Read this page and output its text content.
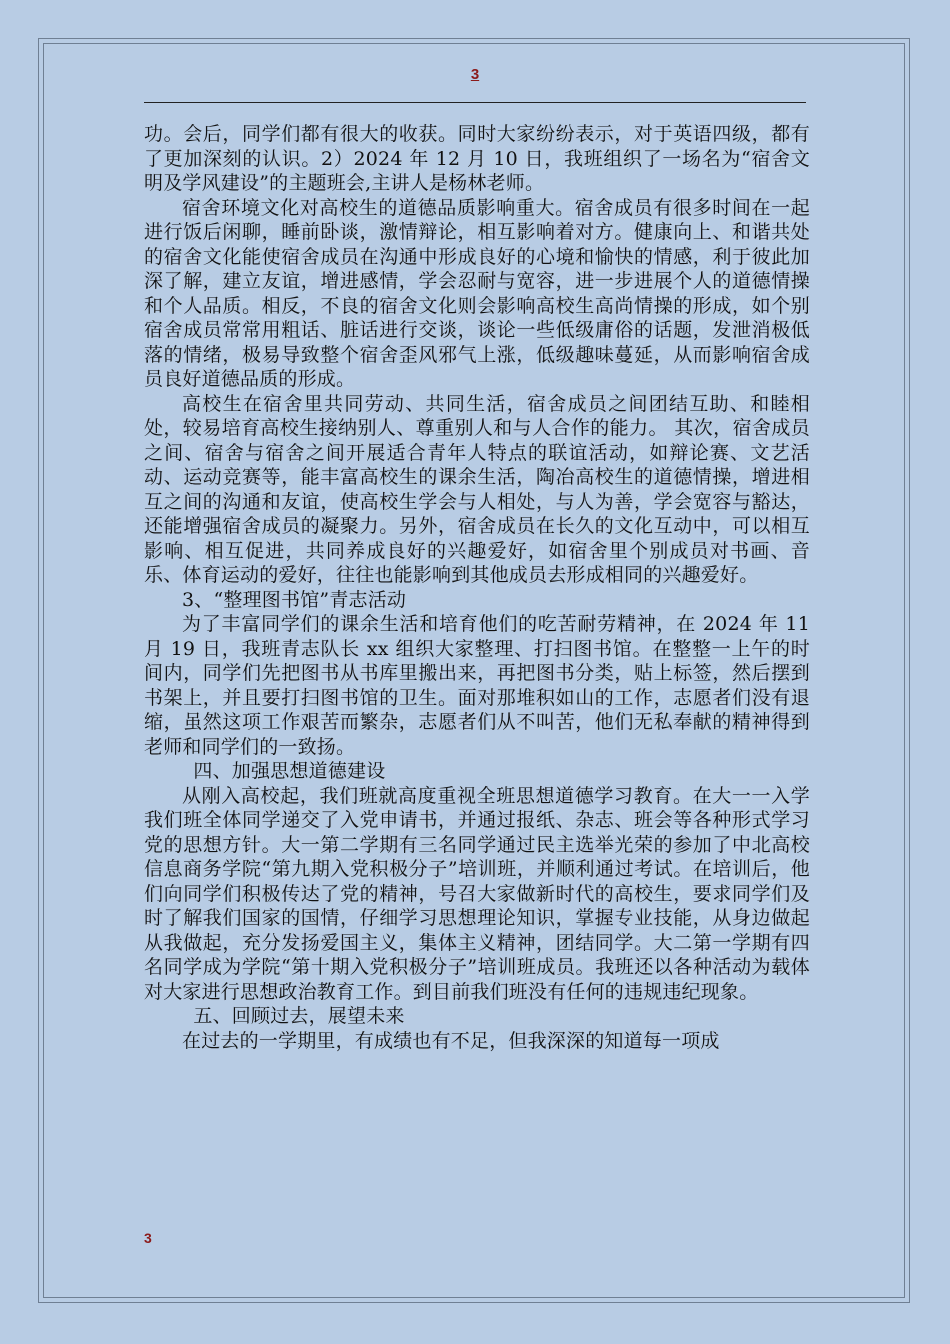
3

功。会后，同学们都有很大的收获。同时大家纷纷表示，对于英语四级，都有了更加深刻的认识。2）2024 年 12 月 10 日，我班组织了一场名为“宿舍文明及学风建设”的主题班会,主讲人是杨林老师。

宿舍环境文化对高校生的道德品质影响重大。宿舍成员有很多时间在一起进行饭后闲聊，睡前卧谈，激情辩论，相互影响着对方。健康向上、和谐共处的宿舍文化能使宿舍成员在沟通中形成良好的心境和愉快的情感，利于彼此加深了解，建立友谊，增进感情，学会忍耐与宽容，进一步进展个人的道德情操和个人品质。相反，不良的宿舍文化则会影响高校生高尚情操的形成，如个别宿舍成员常常用粗话、脏话进行交谈，谈论一些低级庸俗的话题，发泄消极低落的情绪，极易导致整个宿舍歪风邪气上涨，低级趣味蔓延，从而影响宿舍成员良好道德品质的形成。

高校生在宿舍里共同劳动、共同生活，宿舍成员之间团结互助、和睦相处，较易培育高校生接纳别人、尊重别人和与人合作的能力。 其次，宿舍成员之间、宿舍与宿舍之间开展适合青年人特点的联谊活动，如辩论赛、文艺活动、运动竞赛等，能丰富高校生的课余生活，陶冶高校生的道德情操，增进相互之间的沟通和友谊，使高校生学会与人相处，与人为善，学会宽容与豁达，还能增强宿舍成员的凝聚力。另外，宿舍成员在长久的文化互动中，可以相互影响、相互促进，共同养成良好的兴趣爱好，如宿舍里个别成员对书画、音乐、体育运动的爱好，往往也能影响到其他成员去形成相同的兴趣爱好。

3、“整理图书馆”青志活动

为了丰富同学们的课余生活和培育他们的吃苦耐劳精神，在 2024 年 11 月 19 日，我班青志队长 xx 组织大家整理、打扫图书馆。在整整一上午的时间内，同学们先把图书从书库里搬出来，再把图书分类，贴上标签，然后摆到书架上，并且要打扫图书馆的卫生。面对那堆积如山的工作，志愿者们没有退缩，虽然这项工作艰苦而繁杂，志愿者们从不叫苦，他们无私奉献的精神得到老师和同学们的一致扬。

四、加强思想道德建设

从刚入高校起，我们班就高度重视全班思想道德学习教育。在大一一入学我们班全体同学递交了入党申请书，并通过报纸、杂志、班会等各种形式学习党的思想方针。大一第二学期有三名同学通过民主选举光荣的参加了中北高校信息商务学院“第九期入党积极分子”培训班，并顺利通过考试。在培训后，他们向同学们积极传达了党的精神，号召大家做新时代的高校生，要求同学们及时了解我们国家的国情，仔细学习思想理论知识，掌握专业技能，从身边做起从我做起，充分发扬爱国主义，集体主义精神，团结同学。大二第一学期有四名同学成为学院“第十期入党积极分子”培训班成员。我班还以各种活动为载体对大家进行思想政治教育工作。到目前我们班没有任何的违规违纪现象。

五、回顾过去，展望未来

在过去的一学期里，有成绩也有不足，但我深深的知道每一项成

3
